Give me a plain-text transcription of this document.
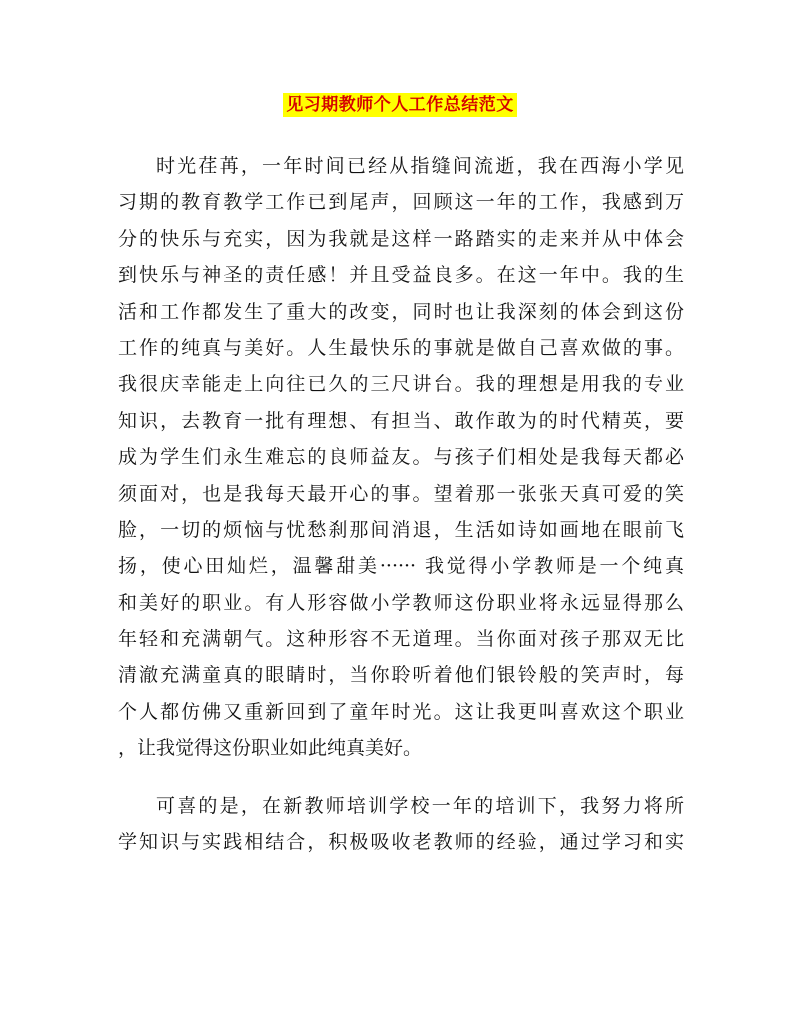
见习期教师个人工作总结范文
时光荏苒，一年时间已经从指缝间流逝，我在西海小学见
习期的教育教学工作已到尾声，回顾这一年的工作，我感到万
分的快乐与充实，因为我就是这样一路踏实的走来并从中体会
到快乐与神圣的责任感！并且受益良多。在这一年中。我的生
活和工作都发生了重大的改变，同时也让我深刻的体会到这份
工作的纯真与美好。人生最快乐的事就是做自己喜欢做的事。
我很庆幸能走上向往已久的三尺讲台。我的理想是用我的专业
知识，去教育一批有理想、有担当、敢作敢为的时代精英，要
成为学生们永生难忘的良师益友。与孩子们相处是我每天都必
须面对，也是我每天最开心的事。望着那一张张天真可爱的笑
脸，一切的烦恼与忧愁刹那间消退，生活如诗如画地在眼前飞
扬，使心田灿烂，温馨甜美······ 我觉得小学教师是一个纯真
和美好的职业。有人形容做小学教师这份职业将永远显得那么
年轻和充满朝气。这种形容不无道理。当你面对孩子那双无比
清澈充满童真的眼睛时，当你聆听着他们银铃般的笑声时，每
个人都仿佛又重新回到了童年时光。这让我更叫喜欢这个职业
，让我觉得这份职业如此纯真美好。
可喜的是，在新教师培训学校一年的培训下，我努力将所
学知识与实践相结合，积极吸收老教师的经验，通过学习和实
